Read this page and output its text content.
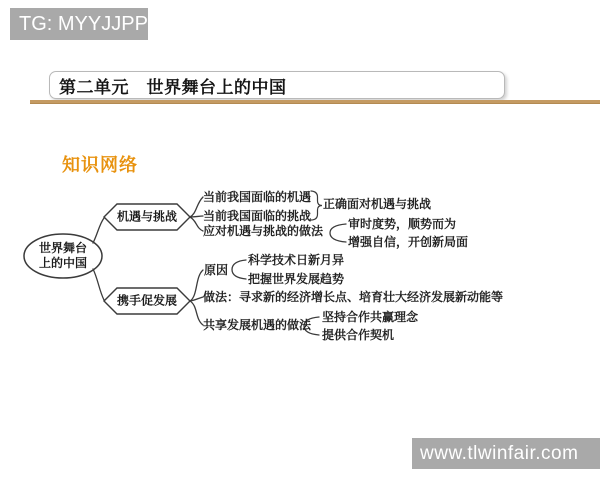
TG: MYYJJPP
第二单元　世界舞台上的中国
知识网络
世界舞台
上的中国
机遇与挑战
携手促发展
当前我国面临的机遇
当前我国面临的挑战
正确面对机遇与挑战
应对机遇与挑战的做法 审时度势，顺势而为
增强自信，开创新局面
原因
科学技术日新月异
把握世界发展趋势
做法：寻求新的经济增长点、培育壮大经济发展新动能等
共享发展机遇的做法
坚持合作共赢理念
提供合作契机
www.tlwinfair.com
